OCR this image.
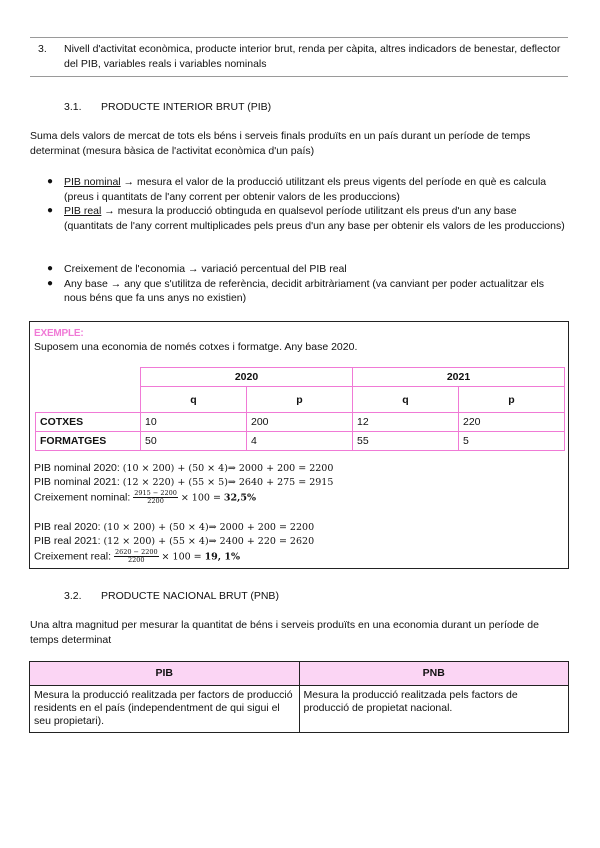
3. Nivell d'activitat econòmica, producte interior brut, renda per càpita, altres indicadors de benestar, deflector del PIB, variables reals i variables nominals
3.1. PRODUCTE INTERIOR BRUT (PIB)
Suma dels valors de mercat de tots els béns i serveis finals produïts en un país durant un període de temps determinat (mesura bàsica de l'activitat econòmica d'un país)
● PIB nominal → mesura el valor de la producció utilitzant els preus vigents del període en què es calcula (preus i quantitats de l'any corrent per obtenir valors de les produccions)
● PIB real → mesura la producció obtinguda en qualsevol període utilitzant els preus d'un any base (quantitats de l'any corrent multiplicades pels preus d'un any base per obtenir els valors de les produccions)
● Creixement de l'economia → variació percentual del PIB real
● Any base → any que s'utilitza de referència, decidit arbitràriament (va canviant per poder actualitzar els nous béns que fa uns anys no existien)
EXEMPLE:
Suposem una economia de només cotxes i formatge. Any base 2020.
	2020		2021	
	q	p	q	p
COTXES	10	200	12	220
FORMATGES	50	4	55	5
PIB nominal 2020: (10 × 200) + (50 × 4)⇒ 2000 + 200 = 2200
PIB nominal 2021: (12 × 220) + (55 × 5)⇒ 2640 + 275 = 2915
Creixement nominal: $\frac{2915 - 2200}{2200} \times 100 = 32,5\%$
PIB real 2020: (10 × 200) + (50 × 4)⇒ 2000 + 200 = 2200
PIB real 2021: (12 × 200) + (55 × 4)⇒ 2400 + 220 = 2620
Creixement real: $\frac{2620 - 2200}{2200} \times 100 = 19$, 1%
3.2. PRODUCTE NACIONAL BRUT (PNB)
Una altra magnitud per mesurar la quantitat de béns i serveis produïts en una economia durant un període de temps determinat
PIB	PNB
Mesura la producció realitzada per factors de producció residents en el país (independentment de qui sigui el seu propietari).	Mesura la producció realitzada pels factors de producció de propietat nacional.
